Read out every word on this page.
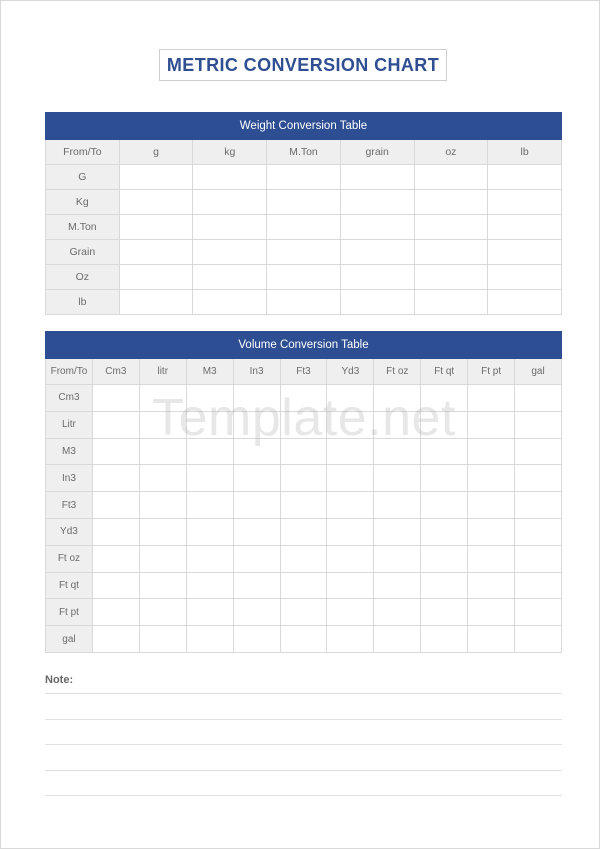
METRIC CONVERSION CHART
Weight Conversion Table						
From/To	g	kg	M.Ton	grain	oz	lb
G						
Kg						
M.Ton						
Grain						
Oz						
lb						
Volume Conversion Table										
From/To	Cm3	litr	M3	In3	Ft3	Yd3	Ft oz	Ft qt	Ft pt	gal
Cm3										
Litr										
M3										
In3										
Ft3										
Yd3										
Ft oz										
Ft qt										
Ft pt										
gal										
Template.net
Note:
